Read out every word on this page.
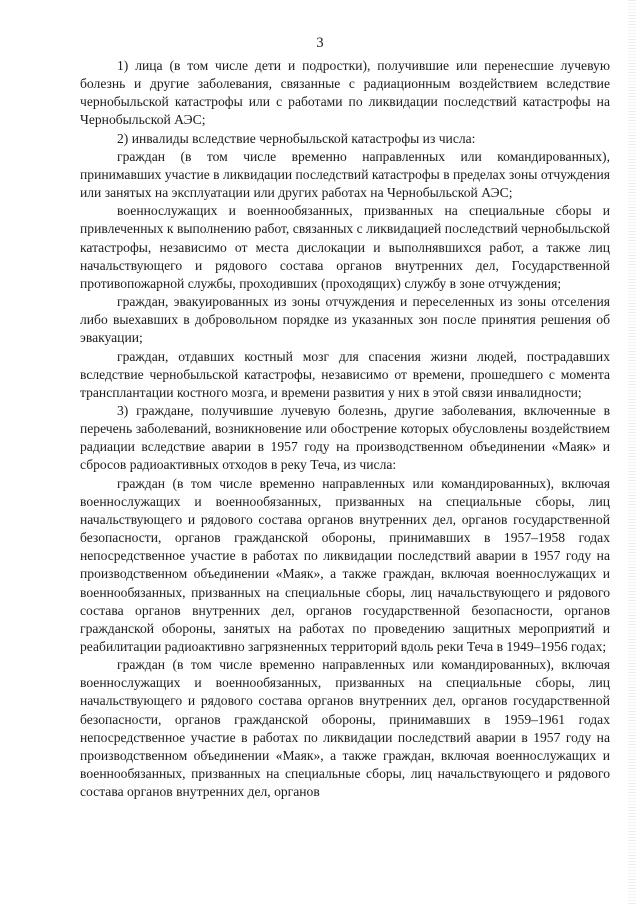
3

1) лица (в том числе дети и подростки), получившие или перенесшие лучевую болезнь и другие заболевания, связанные с радиационным воздействием вследствие чернобыльской катастрофы или с работами по ликвидации последствий катастрофы на Чернобыльской АЭС;

2) инвалиды вследствие чернобыльской катастрофы из числа:

граждан (в том числе временно направленных или командированных), принимавших участие в ликвидации последствий катастрофы в пределах зоны отчуждения или занятых на эксплуатации или других работах на Чернобыльской АЭС;

военнослужащих и военнообязанных, призванных на специальные сборы и привлеченных к выполнению работ, связанных с ликвидацией последствий чернобыльской катастрофы, независимо от места дислокации и выполнявшихся работ, а также лиц начальствующего и рядового состава органов внутренних дел, Государственной противопожарной службы, проходивших (проходящих) службу в зоне отчуждения;

граждан, эвакуированных из зоны отчуждения и переселенных из зоны отселения либо выехавших в добровольном порядке из указанных зон после принятия решения об эвакуации;

граждан, отдавших костный мозг для спасения жизни людей, пострадавших вследствие чернобыльской катастрофы, независимо от времени, прошедшего с момента трансплантации костного мозга, и времени развития у них в этой связи инвалидности;

3) граждане, получившие лучевую болезнь, другие заболевания, включенные в перечень заболеваний, возникновение или обострение которых обусловлены воздействием радиации вследствие аварии в 1957 году на производственном объединении «Маяк» и сбросов радиоактивных отходов в реку Теча, из числа:

граждан (в том числе временно направленных или командированных), включая военнослужащих и военнообязанных, призванных на специальные сборы, лиц начальствующего и рядового состава органов внутренних дел, органов государственной безопасности, органов гражданской обороны, принимавших в 1957–1958 годах непосредственное участие в работах по ликвидации последствий аварии в 1957 году на производственном объединении «Маяк», а также граждан, включая военнослужащих и военнообязанных, призванных на специальные сборы, лиц начальствующего и рядового состава органов внутренних дел, органов государственной безопасности, органов гражданской обороны, занятых на работах по проведению защитных мероприятий и реабилитации радиоактивно загрязненных территорий вдоль реки Теча в 1949–1956 годах;

граждан (в том числе временно направленных или командированных), включая военнослужащих и военнообязанных, призванных на специальные сборы, лиц начальствующего и рядового состава органов внутренних дел, органов государственной безопасности, органов гражданской обороны, принимавших в 1959–1961 годах непосредственное участие в работах по ликвидации последствий аварии в 1957 году на производственном объединении «Маяк», а также граждан, включая военнослужащих и военнообязанных, призванных на специальные сборы, лиц начальствующего и рядового состава органов внутренних дел, органов
